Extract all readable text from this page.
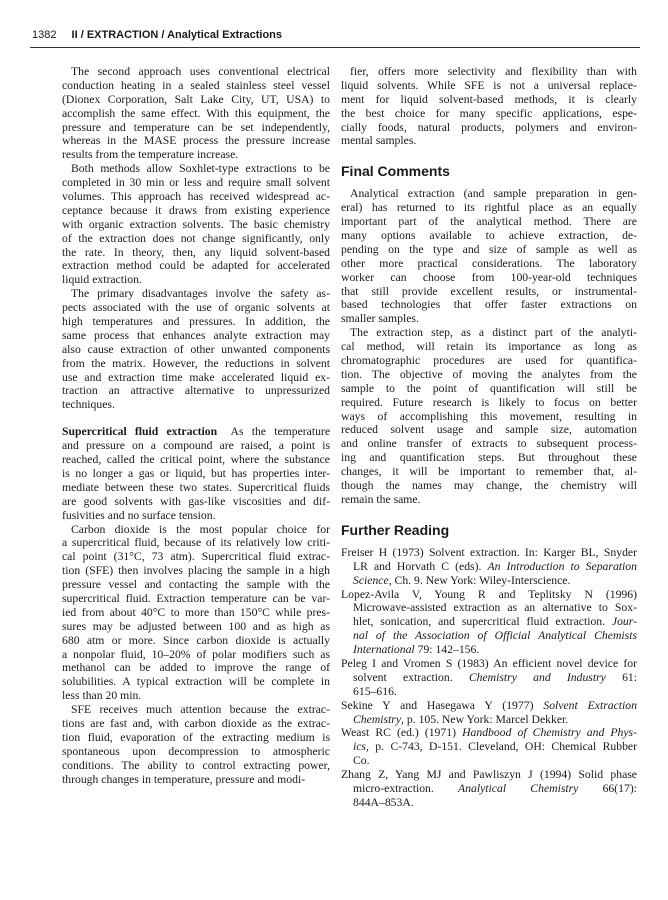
1382 II / EXTRACTION / Analytical Extractions
The second approach uses conventional electrical
conduction heating in a sealed stainless steel vessel
(Dionex Corporation, Salt Lake City, UT, USA) to
accomplish the same effect. With this equipment, the
pressure and temperature can be set independently,
whereas in the MASE process the pressure increase
results from the temperature increase.
Both methods allow Soxhlet-type extractions to be
completed in 30 min or less and require small solvent
volumes. This approach has received widespread ac-
ceptance because it draws from existing experience
with organic extraction solvents. The basic chemistry
of the extraction does not change significantly, only
the rate. In theory, then, any liquid solvent-based
extraction method could be adapted for accelerated
liquid extraction.
The primary disadvantages involve the safety as-
pects associated with the use of organic solvents at
high temperatures and pressures. In addition, the
same process that enhances analyte extraction may
also cause extraction of other unwanted components
from the matrix. However, the reductions in solvent
use and extraction time make accelerated liquid ex-
traction an attractive alternative to unpressurized
techniques.
Supercritical fluid extraction  As the temperature
and pressure on a compound are raised, a point is
reached, called the critical point, where the substance
is no longer a gas or liquid, but has properties inter-
mediate between these two states. Supercritical fluids
are good solvents with gas-like viscosities and dif-
fusivities and no surface tension.
Carbon dioxide is the most popular choice for
a supercritical fluid, because of its relatively low criti-
cal point (31°C, 73 atm). Supercritical fluid extrac-
tion (SFE) then involves placing the sample in a high
pressure vessel and contacting the sample with the
supercritical fluid. Extraction temperature can be var-
ied from about 40°C to more than 150°C while pres-
sures may be adjusted between 100 and as high as
680 atm or more. Since carbon dioxide is actually
a nonpolar fluid, 10–20% of polar modifiers such as
methanol can be added to improve the range of
solubilities. A typical extraction will be complete in
less than 20 min.
SFE receives much attention because the extrac-
tions are fast and, with carbon dioxide as the extrac-
tion fluid, evaporation of the extracting medium is
spontaneous upon decompression to atmospheric
conditions. The ability to control extracting power,
through changes in temperature, pressure and modi-
fier, offers more selectivity and flexibility than with
liquid solvents. While SFE is not a universal replace-
ment for liquid solvent-based methods, it is clearly
the best choice for many specific applications, espe-
cially foods, natural products, polymers and environ-
mental samples.
Final Comments
Analytical extraction (and sample preparation in gen-
eral) has returned to its rightful place as an equally
important part of the analytical method. There are
many options available to achieve extraction, de-
pending on the type and size of sample as well as
other more practical considerations. The laboratory
worker can choose from 100-year-old techniques
that still provide excellent results, or instrumental-
based technologies that offer faster extractions on
smaller samples.
The extraction step, as a distinct part of the analyti-
cal method, will retain its importance as long as
chromatographic procedures are used for quantifica-
tion. The objective of moving the analytes from the
sample to the point of quantification will still be
required. Future research is likely to focus on better
ways of accomplishing this movement, resulting in
reduced solvent usage and sample size, automation
and online transfer of extracts to subsequent process-
ing and quantification steps. But throughout these
changes, it will be important to remember that, al-
though the names may change, the chemistry will
remain the same.
Further Reading
Freiser H (1973) Solvent extraction. In: Karger BL, Snyder
LR and Horvath C (eds). An Introduction to Separation
Science, Ch. 9. New York: Wiley-Interscience.
Lopez-Avila V, Young R and Teplitsky N (1996)
Microwave-assisted extraction as an alternative to Sox-
hlet, sonication, and supercritical fluid extraction. Jour-
nal of the Association of Official Analytical Chemists
International 79: 142–156.
Peleg I and Vromen S (1983) An efficient novel device for
solvent extraction. Chemistry and Industry 61:
615–616.
Sekine Y and Hasegawa Y (1977) Solvent Extraction
Chemistry, p. 105. New York: Marcel Dekker.
Weast RC (ed.) (1971) Handbood of Chemistry and Phys-
ics, p. C-743, D-151. Cleveland, OH: Chemical Rubber
Co.
Zhang Z, Yang MJ and Pawliszyn J (1994) Solid phase
micro-extraction. Analytical Chemistry 66(17):
844A–853A.
